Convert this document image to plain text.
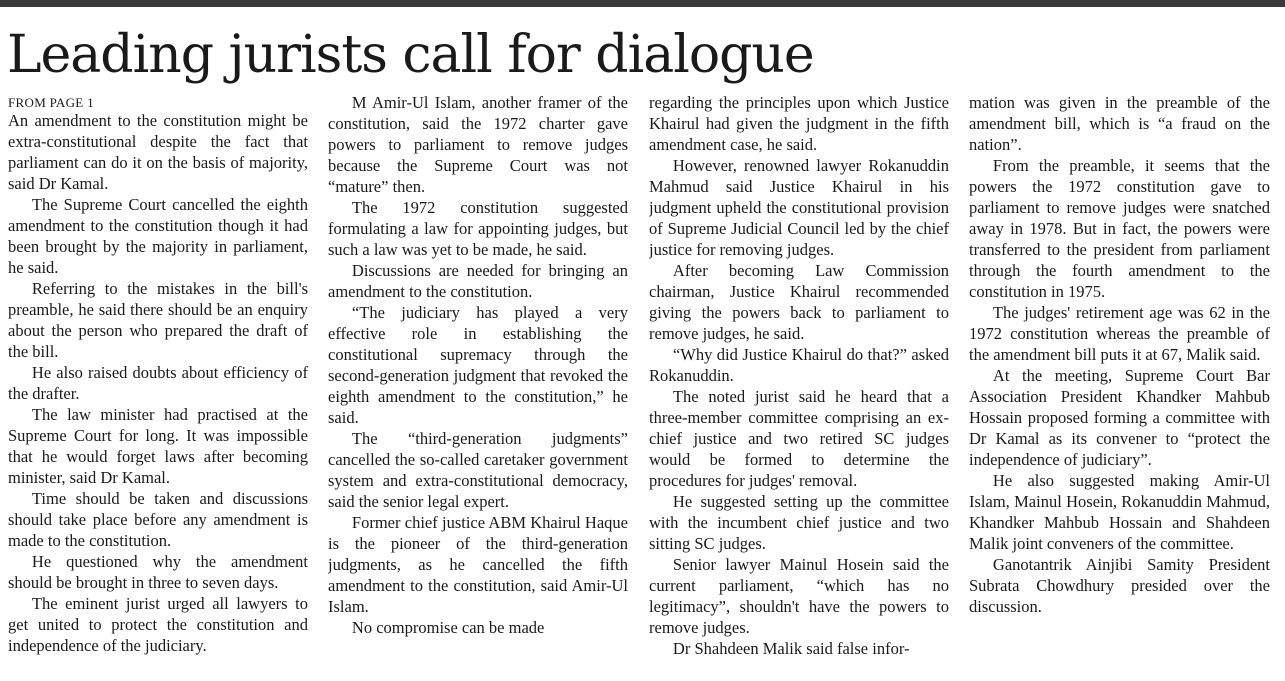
Leading jurists call for dialogue
FROM PAGE 1

An amendment to the constitution might be extra-constitutional despite the fact that parliament can do it on the basis of majority, said Dr Kamal.

The Supreme Court cancelled the eighth amendment to the constitution though it had been brought by the majority in parliament, he said.

Referring to the mistakes in the bill's preamble, he said there should be an enquiry about the person who prepared the draft of the bill.

He also raised doubts about efficiency of the drafter.

The law minister had practised at the Supreme Court for long. It was impossible that he would forget laws after becoming minister, said Dr Kamal.

Time should be taken and discussions should take place before any amendment is made to the constitution.

He questioned why the amendment should be brought in three to seven days.

The eminent jurist urged all lawyers to get united to protect the constitution and independence of the judiciary.

M Amir-Ul Islam, another framer of the constitution, said the 1972 charter gave powers to parliament to remove judges because the Supreme Court was not “mature” then.

The 1972 constitution suggested formulating a law for appointing judges, but such a law was yet to be made, he said.

Discussions are needed for bringing an amendment to the constitution.

“The judiciary has played a very effective role in establishing the constitutional supremacy through the second-generation judgment that revoked the eighth amendment to the constitution,” he said.

The “third-generation judgments” cancelled the so-called caretaker government system and extra-constitutional democracy, said the senior legal expert.

Former chief justice ABM Khairul Haque is the pioneer of the third-generation judgments, as he cancelled the fifth amendment to the constitution, said Amir-Ul Islam.

No compromise can be made

regarding the principles upon which Justice Khairul had given the judgment in the fifth amendment case, he said.

However, renowned lawyer Rokanuddin Mahmud said Justice Khairul in his judgment upheld the constitutional provision of Supreme Judicial Council led by the chief justice for removing judges.

After becoming Law Commission chairman, Justice Khairul recommended giving the powers back to parliament to remove judges, he said.

“Why did Justice Khairul do that?” asked Rokanuddin.

The noted jurist said he heard that a three-member committee comprising an ex-chief justice and two retired SC judges would be formed to determine the procedures for judges' removal.

He suggested setting up the committee with the incumbent chief justice and two sitting SC judges.

Senior lawyer Mainul Hosein said the current parliament, “which has no legitimacy”, shouldn't have the powers to remove judges.

Dr Shahdeen Malik said false infor-

mation was given in the preamble of the amendment bill, which is “a fraud on the nation”.

From the preamble, it seems that the powers the 1972 constitution gave to parliament to remove judges were snatched away in 1978. But in fact, the powers were transferred to the president from parliament through the fourth amendment to the constitution in 1975.

The judges' retirement age was 62 in the 1972 constitution whereas the preamble of the amendment bill puts it at 67, Malik said.

At the meeting, Supreme Court Bar Association President Khandker Mahbub Hossain proposed forming a committee with Dr Kamal as its convener to “protect the independence of judiciary”.

He also suggested making Amir-Ul Islam, Mainul Hosein, Rokanuddin Mahmud, Khandker Mahbub Hossain and Shahdeen Malik joint conveners of the committee.

Ganotantrik Ainjibi Samity President Subrata Chowdhury presided over the discussion.
